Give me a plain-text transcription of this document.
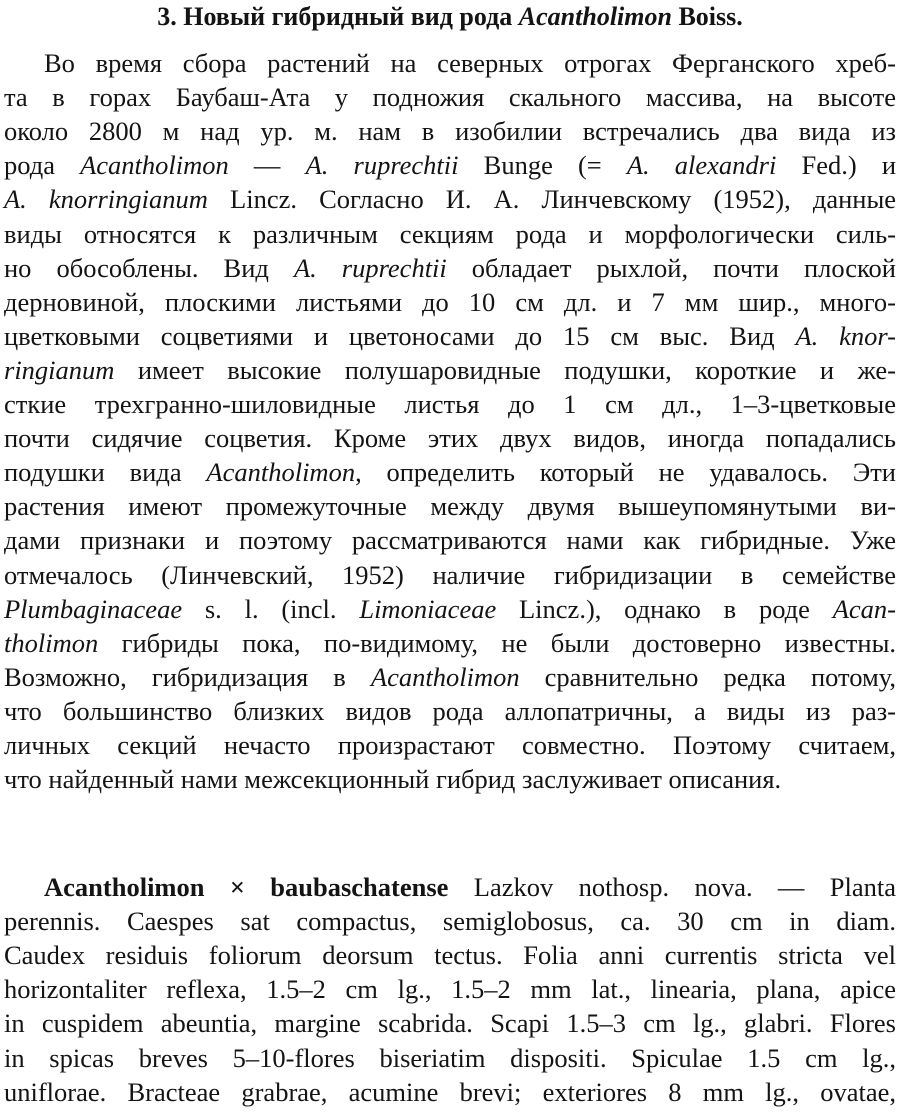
3. Новый гибридный вид рода Acantholimon Boiss.
Во время сбора растений на северных отрогах Ферганского хреб-
та в горах Баубаш-Ата у подножия скального массива, на высоте
около 2800 м над ур. м. нам в изобилии встречались два вида из
рода Acantholimon — A. ruprechtii Bunge (= A. alexandri Fed.) и
A. knorringianum Lincz. Согласно И. А. Линчевскому (1952), данные
виды относятся к различным секциям рода и морфологически силь-
но обособлены. Вид A. ruprechtii обладает рыхлой, почти плоской
дерновиной, плоскими листьями до 10 см дл. и 7 мм шир., много-
цветковыми соцветиями и цветоносами до 15 см выс. Вид A. knor-
ringianum имеет высокие полушаровидные подушки, короткие и же-
сткие трехгранно-шиловидные листья до 1 см дл., 1–3-цветковые
почти сидячие соцветия. Кроме этих двух видов, иногда попадались
подушки вида Acantholimon, определить который не удавалось. Эти
растения имеют промежуточные между двумя вышеупомянутыми ви-
дами признаки и поэтому рассматриваются нами как гибридные. Уже
отмечалось (Линчевский, 1952) наличие гибридизации в семействе
Plumbaginaceae s. l. (incl. Limoniaceae Lincz.), однако в роде Acan-
tholimon гибриды пока, по-видимому, не были достоверно известны.
Возможно, гибридизация в Acantholimon сравнительно редка потому,
что большинство близких видов рода аллопатричны, а виды из раз-
личных секций нечасто произрастают совместно. Поэтому считаем,
что найденный нами межсекционный гибрид заслуживает описания.
Acantholimon × baubaschatense Lazkov nothosp. nova. — Planta
perennis. Caespes sat compactus, semiglobosus, ca. 30 cm in diam.
Caudex residuis foliorum deorsum tectus. Folia anni currentis stricta vel
horizontaliter reflexa, 1.5–2 cm lg., 1.5–2 mm lat., linearia, plana, apice
in cuspidem abeuntia, margine scabrida. Scapi 1.5–3 cm lg., glabri. Flores
in spicas breves 5–10-flores biseriatim dispositi. Spiculae 1.5 cm lg.,
uniflorae. Bracteae grabrae, acumine brevi; exteriores 8 mm lg., ovatae,
